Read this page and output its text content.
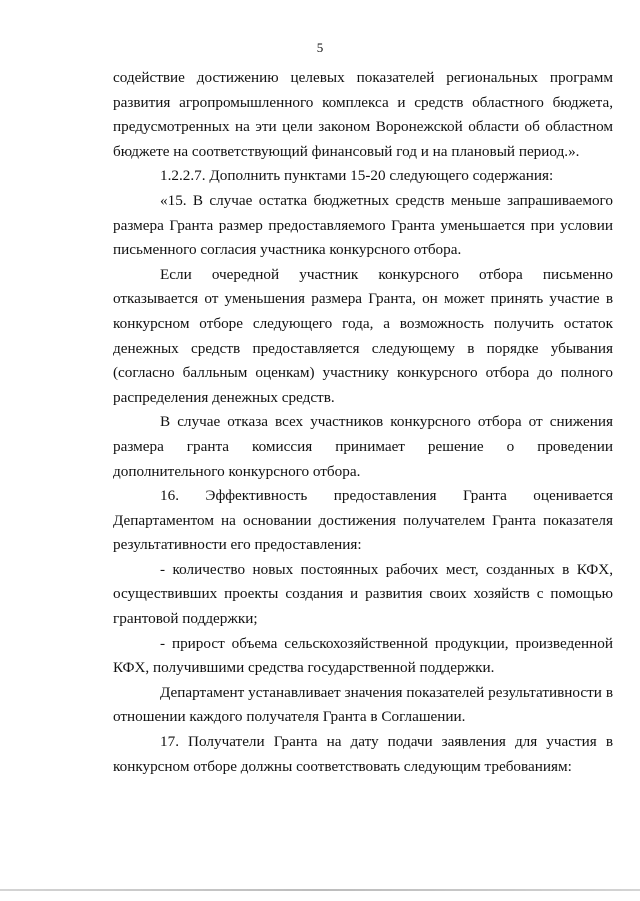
5

содействие достижению целевых показателей региональных программ развития агропромышленного комплекса и средств областного бюджета, предусмотренных на эти цели законом Воронежской области об областном бюджете на соответствующий финансовый год и на плановый период.».

1.2.2.7. Дополнить пунктами 15-20 следующего содержания:

«15. В случае остатка бюджетных средств меньше запрашиваемого размера Гранта размер предоставляемого Гранта уменьшается при условии письменного согласия участника конкурсного отбора.

Если очередной участник конкурсного отбора письменно отказывается от уменьшения размера Гранта, он может принять участие в конкурсном отборе следующего года, а возможность получить остаток денежных средств предоставляется следующему в порядке убывания (согласно балльным оценкам) участнику конкурсного отбора до полного распределения денежных средств.

В случае отказа всех участников конкурсного отбора от снижения размера гранта комиссия принимает решение о проведении дополнительного конкурсного отбора.

16. Эффективность предоставления Гранта оценивается Департаментом на основании достижения получателем Гранта показателя результативности его предоставления:

- количество новых постоянных рабочих мест, созданных в КФХ, осуществивших проекты создания и развития своих хозяйств с помощью грантовой поддержки;

- прирост объема сельскохозяйственной продукции, произведенной КФХ, получившими средства государственной поддержки.

Департамент устанавливает значения показателей результативности в отношении каждого получателя Гранта в Соглашении.

17. Получатели Гранта на дату подачи заявления для участия в конкурсном отборе должны соответствовать следующим требованиям:
